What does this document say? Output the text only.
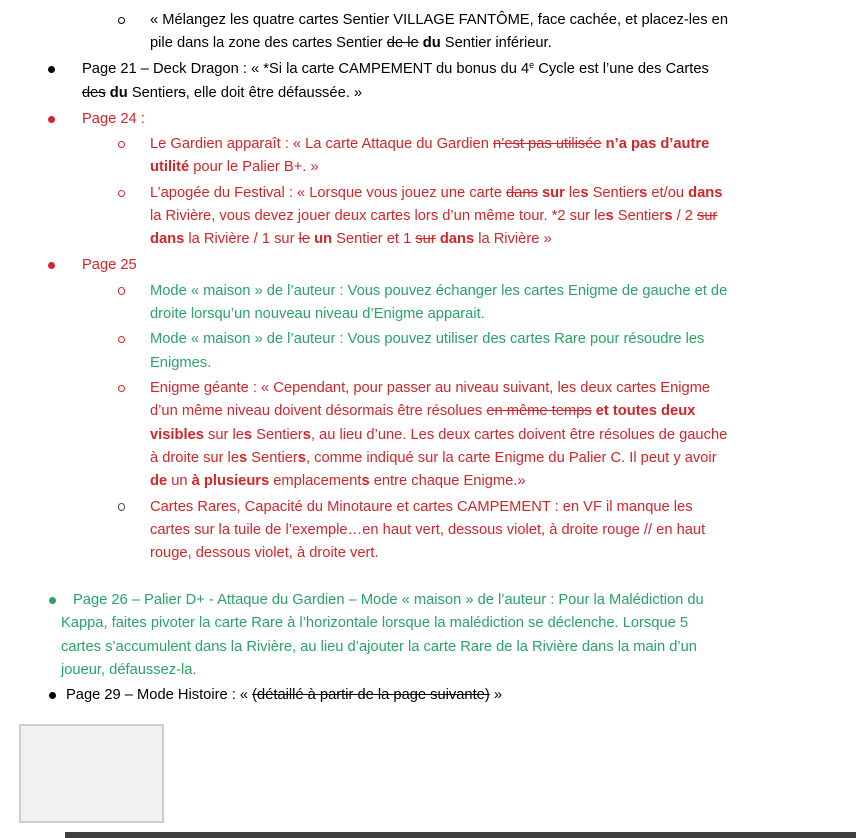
« Mélangez les quatre cartes Sentier VILLAGE FANTÔME, face cachée, et placez-les en
pile dans la zone des cartes Sentier de le du Sentier inférieur.
Page 21 – Deck Dragon : « *Si la carte CAMPEMENT du bonus du 4e Cycle est l’une des Cartes
des du Sentiers, elle doit être défaussée. »
Page 24 :
Le Gardien apparaît : « La carte Attaque du Gardien n’est pas utilisée n’a pas d’autre
utilité pour le Palier B+. »
L’apogée du Festival : « Lorsque vous jouez une carte dans sur les Sentiers et/ou dans
la Rivière, vous devez jouer deux cartes lors d’un même tour. *2 sur les Sentiers / 2 sur
dans la Rivière / 1 sur le un Sentier et 1 sur dans la Rivière »
Page 25
Mode « maison » de l’auteur : Vous pouvez échanger les cartes Enigme de gauche et de
droite lorsqu’un nouveau niveau d’Enigme apparait.
Mode « maison » de l’auteur : Vous pouvez utiliser des cartes Rare pour résoudre les
Enigmes.
Enigme géante : « Cependant, pour passer au niveau suivant, les deux cartes Enigme
d’un même niveau doivent désormais être résolues en même temps et toutes deux
visibles sur les Sentiers, au lieu d’une. Les deux cartes doivent être résolues de gauche
à droite sur les Sentiers, comme indiqué sur la carte Enigme du Palier C. Il peut y avoir
de un à plusieurs emplacements entre chaque Enigme.»
Cartes Rares, Capacité du Minotaure et cartes CAMPEMENT : en VF il manque les
cartes sur la tuile de l’exemple…en haut vert, dessous violet, à droite rouge // en haut
rouge, dessous violet, à droite vert.
Page 26 – Palier D+ - Attaque du Gardien – Mode « maison » de l’auteur : Pour la Malédiction du
Kappa, faites pivoter la carte Rare à l’horizontale lorsque la malédiction se déclenche. Lorsque 5
cartes s’accumulent dans la Rivière, au lieu d’ajouter la carte Rare de la Rivière dans la main d’un
joueur, défaussez-la.
Page 29 – Mode Histoire : « (détaillé à partir de la page suivante) »
